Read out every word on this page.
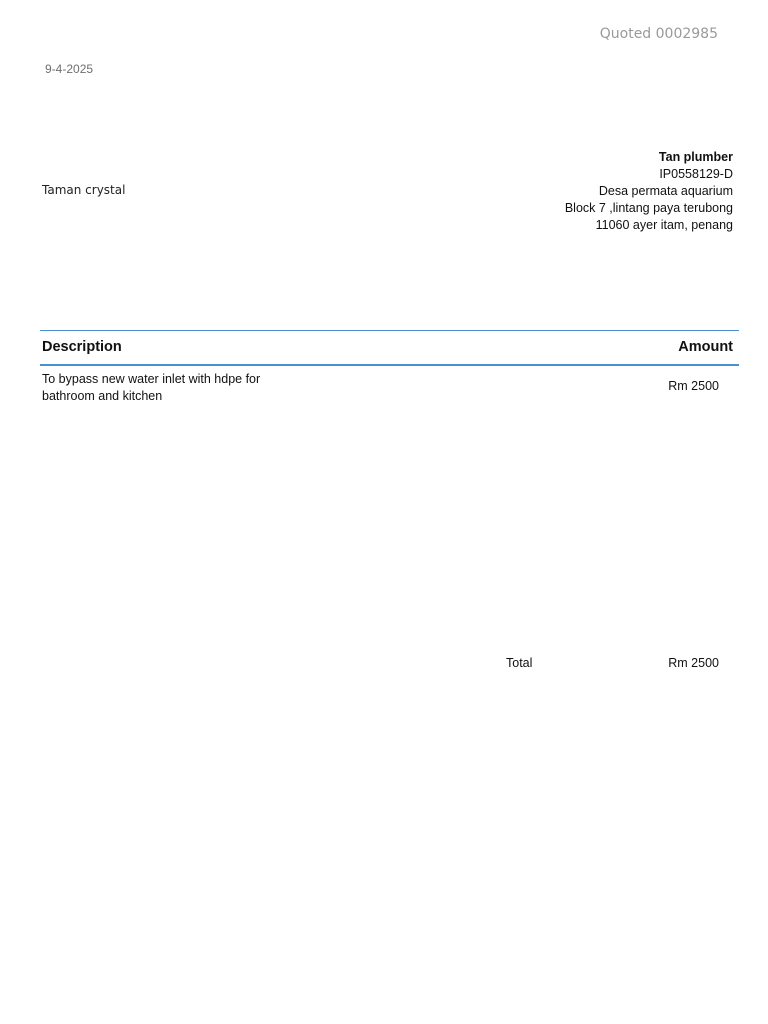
Quoted 0002985
9-4-2025
Taman crystal
Tan plumber
IP0558129-D
Desa permata aquarium
Block 7 ,lintang paya terubong
11060 ayer itam, penang
Description	Amount
To bypass new water inlet with hdpe for bathroom and kitchen
Rm 2500
Total	Rm 2500
